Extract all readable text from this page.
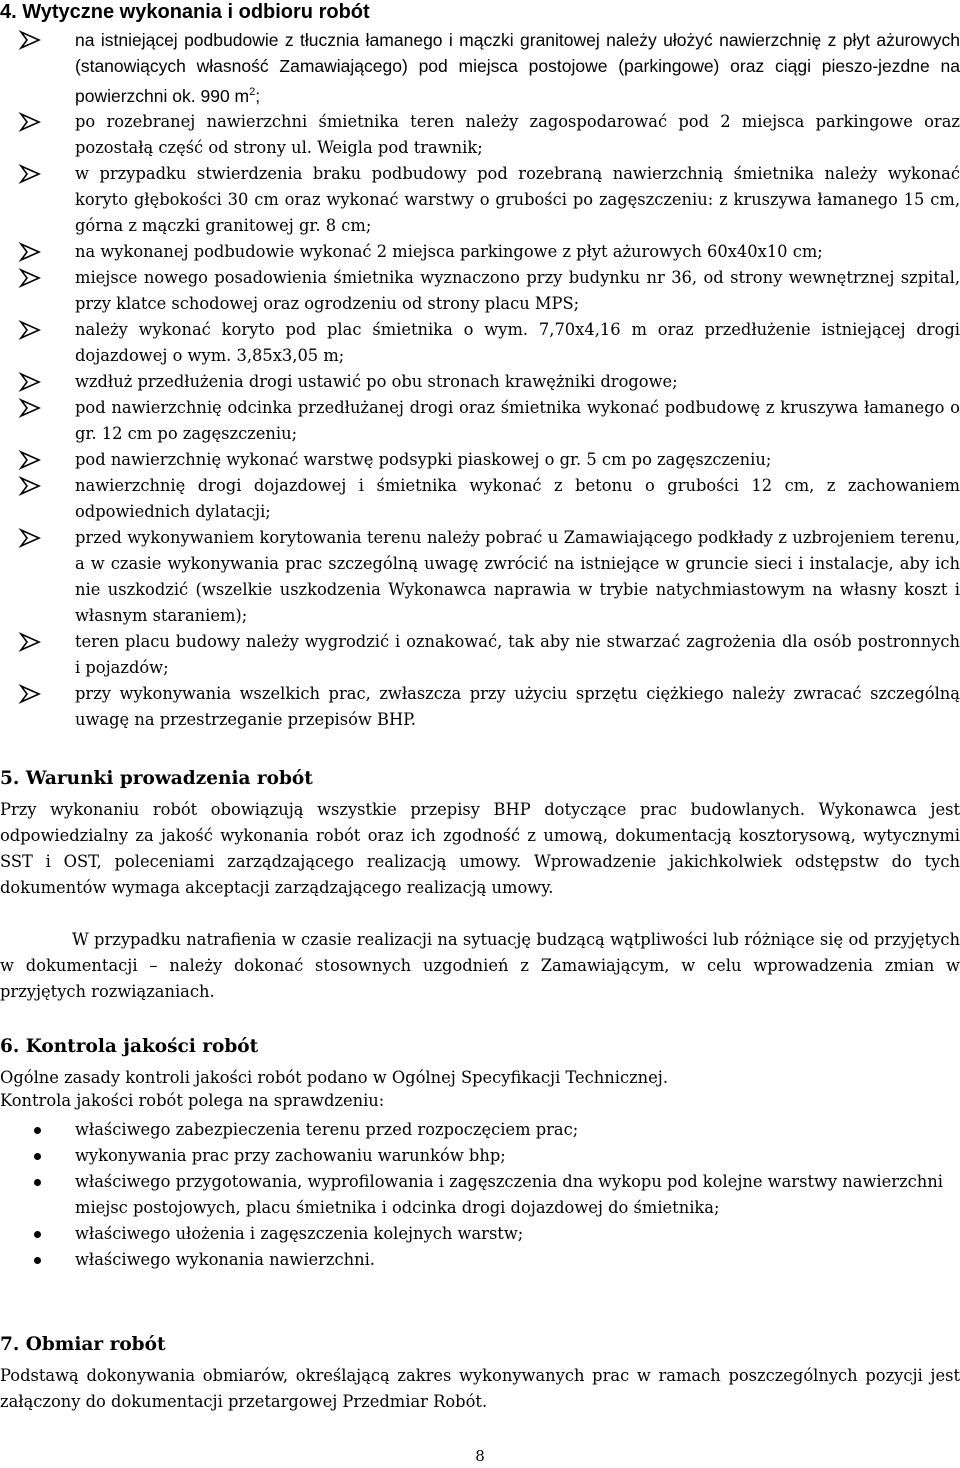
4. Wytyczne wykonania i odbioru robót
na istniejącej podbudowie z tłucznia łamanego i mączki granitowej należy ułożyć nawierzchnię z płyt ażurowych (stanowiących własność Zamawiającego) pod miejsca postojowe (parkingowe) oraz ciągi pieszo-jezdne na powierzchni ok. 990 $m^2$;
po rozebranej nawierzchni śmietnika teren należy zagospodarować pod 2 miejsca parkingowe oraz pozostałą część od strony ul. Weigla pod trawnik;
w przypadku stwierdzenia braku podbudowy pod rozebraną nawierzchnią śmietnika należy wykonać koryto głębokości 30 cm oraz wykonać warstwy o grubości po zagęszczeniu: z kruszywa łamanego 15 cm, górna z mączki granitowej gr. 8 cm;
na wykonanej podbudowie wykonać 2 miejsca parkingowe z płyt ażurowych 60x40x10 cm;
miejsce nowego posadowienia śmietnika wyznaczono przy budynku nr 36, od strony wewnętrznej szpital, przy klatce schodowej oraz ogrodzeniu od strony placu MPS;
należy wykonać koryto pod plac śmietnika o wym. 7,70x4,16 m oraz przedłużenie istniejącej drogi dojazdowej o wym. 3,85x3,05 m;
wzdłuż przedłużenia drogi ustawić po obu stronach krawężniki drogowe;
pod nawierzchnię odcinka przedłużanej drogi oraz śmietnika wykonać podbudowę z kruszywa łamanego o gr. 12 cm po zagęszczeniu;
pod nawierzchnię wykonać warstwę podsypki piaskowej o gr. 5 cm po zagęszczeniu;
nawierzchnię drogi dojazdowej i śmietnika wykonać z betonu o grubości 12 cm, z zachowaniem odpowiednich dylatacji;
przed wykonywaniem korytowania terenu należy pobrać u Zamawiającego podkłady z uzbrojeniem terenu, a w czasie wykonywania prac szczególną uwagę zwrócić na istniejące w gruncie sieci i instalacje, aby ich nie uszkodzić (wszelkie uszkodzenia Wykonawca naprawia w trybie natychmiastowym na własny koszt i własnym staraniem);
teren placu budowy należy wygrodzić i oznakować, tak aby nie stwarzać zagrożenia dla osób postronnych i pojazdów;
przy wykonywania wszelkich prac, zwłaszcza przy użyciu sprzętu ciężkiego należy zwracać szczególną uwagę na przestrzeganie przepisów BHP.
5. Warunki prowadzenia robót

Przy wykonaniu robót obowiązują wszystkie przepisy BHP dotyczące prac budowlanych. Wykonawca jest odpowiedzialny za jakość wykonania robót oraz ich zgodność z umową, dokumentacją kosztorysową, wytycznymi SST i OST, poleceniami zarządzającego realizacją umowy. Wprowadzenie jakichkolwiek odstępstw do tych dokumentów wymaga akceptacji zarządzającego realizacją umowy.

W przypadku natrafienia w czasie realizacji na sytuację budzącą wątpliwości lub różniące się od przyjętych w dokumentacji – należy dokonać stosownych uzgodnień z Zamawiającym, w celu wprowadzenia zmian w przyjętych rozwiązaniach.

6. Kontrola jakości robót

Ogólne zasady kontroli jakości robót podano w Ogólnej Specyfikacji Technicznej.

Kontrola jakości robót polega na sprawdzeniu:

właściwego zabezpieczenia terenu przed rozpoczęciem prac;
wykonywania prac przy zachowaniu warunków bhp;
właściwego przygotowania, wyprofilowania i zagęszczenia dna wykopu pod kolejne warstwy nawierzchni miejsc postojowych, placu śmietnika i odcinka drogi dojazdowej do śmietnika;
właściwego ułożenia i zagęszczenia kolejnych warstw;
właściwego wykonania nawierzchni.
7. Obmiar robót

Podstawą dokonywania obmiarów, określającą zakres wykonywanych prac w ramach poszczególnych pozycji jest załączony do dokumentacji przetargowej Przedmiar Robót.

8
